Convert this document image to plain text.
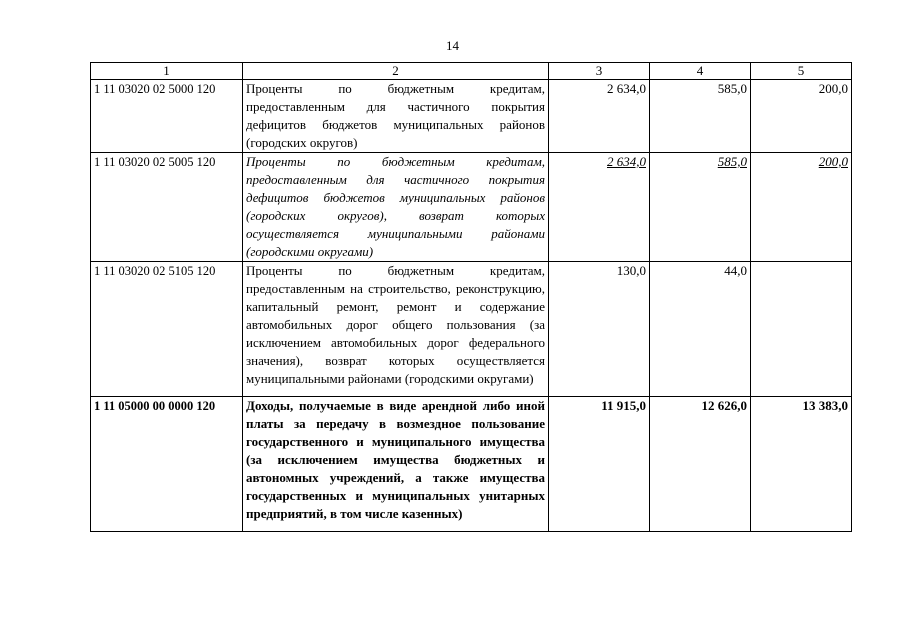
14
1	2	3	4	5
1 11 03020 02 5000 120	Проценты по бюджетным кредитам, предоставленным для частичного покрытия дефицитов бюджетов муниципальных районов (городских округов)	2 634,0	585,0	200,0
1 11 03020 02 5005 120	Проценты по бюджетным кредитам, предоставленным для частичного покрытия дефицитов бюджетов муниципальных районов (городских округов), возврат которых осуществляется муниципальными районами (городскими округами)	2 634,0	585,0	200,0
1 11 03020 02 5105 120	Проценты по бюджетным кредитам, предоставленным на строительство, реконструкцию, капитальный ремонт, ремонт и содержание автомобильных дорог общего пользования (за исключением автомобильных дорог федерального значения), возврат которых осуществляется муниципальными районами (городскими округами)	130,0	44,0	
1 11 05000 00 0000 120	Доходы, получаемые в виде арендной либо иной платы за передачу в возмездное пользование государственного и муниципального имущества (за исключением имущества бюджетных и автономных учреждений, а также имущества государственных и муниципальных унитарных предприятий, в том числе казенных)	11 915,0	12 626,0	13 383,0
